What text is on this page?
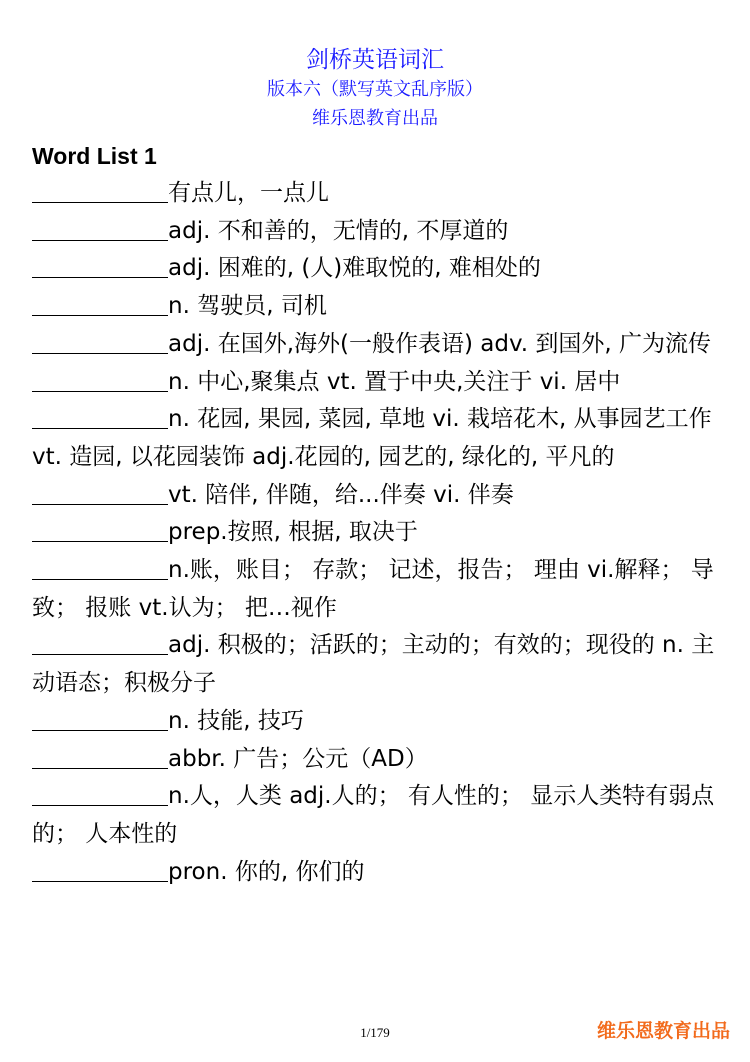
剑桥英语词汇

版本六（默写英文乱序版）

维乐恩教育出品

Word List 1
有点儿，一点儿
adj. 不和善的，无情的, 不厚道的
adj. 困难的, (人)难取悦的, 难相处的
n. 驾驶员, 司机
adj. 在国外,海外(一般作表语) adv. 到国外, 广为流传
n. 中心,聚集点 vt. 置于中央,关注于 vi. 居中
n. 花园, 果园, 菜园, 草地 vi. 栽培花木, 从事园艺工作 vt. 造园, 以花园装饰 adj.花园的, 园艺的, 绿化的, 平凡的
vt. 陪伴, 伴随，给...伴奏 vi. 伴奏
prep.按照, 根据, 取决于
n.账，账目； 存款； 记述，报告； 理由 vi.解释； 导致； 报账 vt.认为； 把…视作
adj. 积极的；活跃的；主动的；有效的；现役的 n. 主动语态；积极分子
n. 技能, 技巧
abbr. 广告；公元（AD）
n.人，人类 adj.人的； 有人性的； 显示人类特有弱点的； 人本性的
pron. 你的, 你们的
1/179	维乐恩教育出品
